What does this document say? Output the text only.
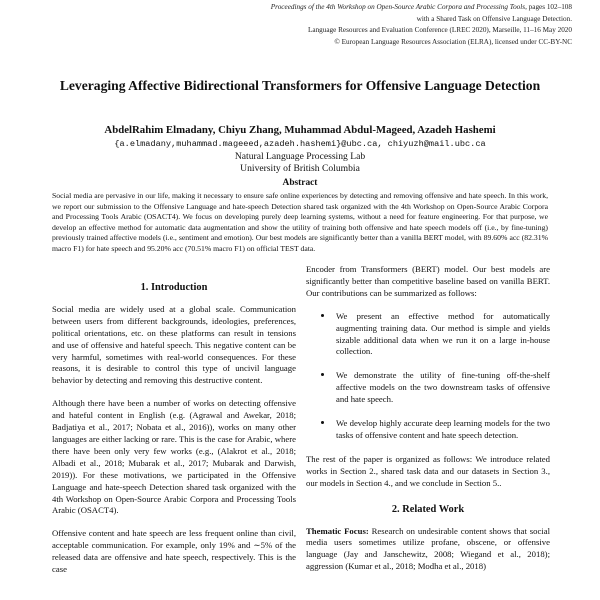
Proceedings of the 4th Workshop on Open-Source Arabic Corpora and Processing Tools, pages 102–108
with a Shared Task on Offensive Language Detection.
Language Resources and Evaluation Conference (LREC 2020), Marseille, 11–16 May 2020
© European Language Resources Association (ELRA), licensed under CC-BY-NC
Leveraging Affective Bidirectional Transformers for Offensive Language Detection
AbdelRahim Elmadany, Chiyu Zhang, Muhammad Abdul-Mageed, Azadeh Hashemi
{a.elmadany,muhammad.mageeed,azadeh.hashemi}@ubc.ca, chiyuzh@mail.ubc.ca
Natural Language Processing Lab
University of British Columbia
Abstract
Social media are pervasive in our life, making it necessary to ensure safe online experiences by detecting and removing offensive and hate speech. In this work, we report our submission to the Offensive Language and hate-speech Detection shared task organized with the 4th Workshop on Open-Source Arabic Corpora and Processing Tools Arabic (OSACT4). We focus on developing purely deep learning systems, without a need for feature engineering. For that purpose, we develop an effective method for automatic data augmentation and show the utility of training both offensive and hate speech models off (i.e., by fine-tuning) previously trained affective models (i.e., sentiment and emotion). Our best models are significantly better than a vanilla BERT model, with 89.60% acc (82.31% macro F1) for hate speech and 95.20% acc (70.51% macro F1) on official TEST data.
1. Introduction

Social media are widely used at a global scale. Communication between users from different backgrounds, ideologies, preferences, political orientations, etc. on these platforms can result in tensions and use of offensive and hateful speech. This negative content can be very harmful, sometimes with real-world consequences. For these reasons, it is desirable to control this type of uncivil language behavior by detecting and removing this destructive content.

Although there have been a number of works on detecting offensive and hateful content in English (e.g. (Agrawal and Awekar, 2018; Badjatiya et al., 2017; Nobata et al., 2016)), works on many other languages are either lacking or rare. This is the case for Arabic, where there have been only very few works (e.g., (Alakrot et al., 2018; Albadi et al., 2018; Mubarak et al., 2017; Mubarak and Darwish, 2019)). For these motivations, we participated in the Offensive Language and hate-speech Detection shared task organized with the 4th Workshop on Open-Source Arabic Corpora and Processing Tools Arabic (OSACT4).

Offensive content and hate speech are less frequent online than civil, acceptable communication. For example, only 19% and ∼5% of the released data are offensive and hate speech, respectively. This is the case

Encoder from Transformers (BERT) model. Our best models are significantly better than competitive baseline based on vanilla BERT. Our contributions can be summarized as follows:

• We present an effective method for automatically augmenting training data. Our method is simple and yields sizable additional data when we run it on a large in-house collection.
• We demonstrate the utility of fine-tuning off-the-shelf affective models on the two downstream tasks of offensive and hate speech.
• We develop highly accurate deep learning models for the two tasks of offensive content and hate speech detection.

The rest of the paper is organized as follows: We introduce related works in Section 2., shared task data and our datasets in Section 3., our models in Section 4., and we conclude in Section 5..

2. Related Work

Thematic Focus: Research on undesirable content shows that social media users sometimes utilize profane, obscene, or offensive language (Jay and Janschewitz, 2008; Wiegand et al., 2018); aggression (Kumar et al., 2018; Modha et al., 2018)
